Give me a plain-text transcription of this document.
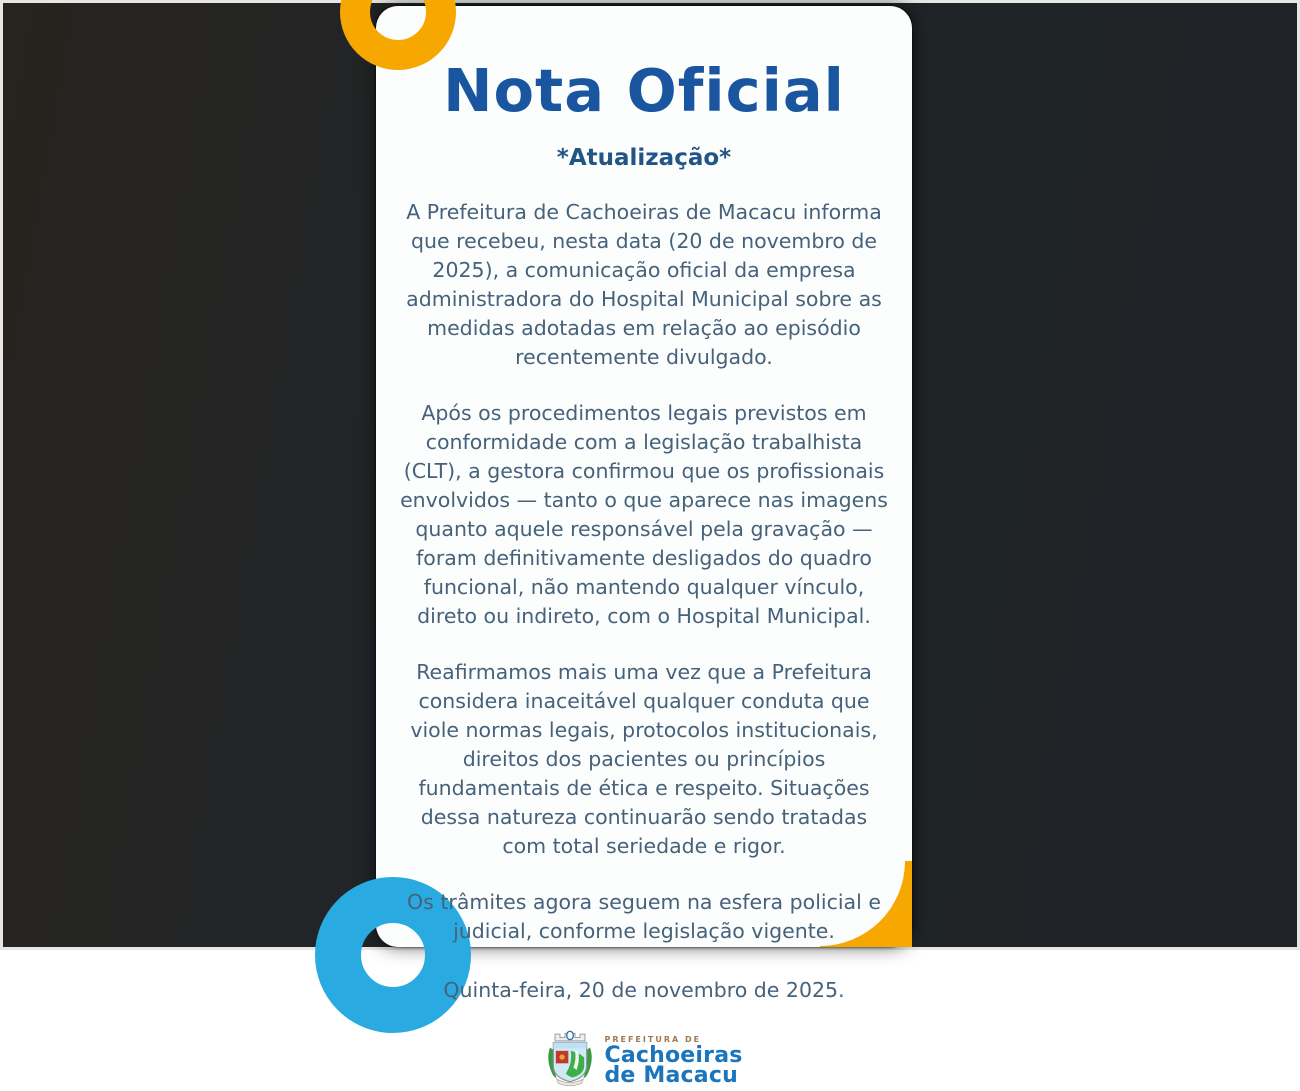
Nota Oficial
*Atualização*

A Prefeitura de Cachoeiras de Macacu informa que recebeu, nesta data (20 de novembro de 2025), a comunicação oficial da empresa administradora do Hospital Municipal sobre as medidas adotadas em relação ao episódio recentemente divulgado.

Após os procedimentos legais previstos em conformidade com a legislação trabalhista (CLT), a gestora confirmou que os profissionais envolvidos — tanto o que aparece nas imagens quanto aquele responsável pela gravação — foram definitivamente desligados do quadro funcional, não mantendo qualquer vínculo, direto ou indireto, com o Hospital Municipal.

Reafirmamos mais uma vez que a Prefeitura considera inaceitável qualquer conduta que viole normas legais, protocolos institucionais, direitos dos pacientes ou princípios fundamentais de ética e respeito. Situações dessa natureza continuarão sendo tratadas com total seriedade e rigor.

Os trâmites agora seguem na esfera policial e judicial, conforme legislação vigente.

Quinta-feira, 20 de novembro de 2025.

PREFEITURA DE
Cachoeiras
de Macacu
